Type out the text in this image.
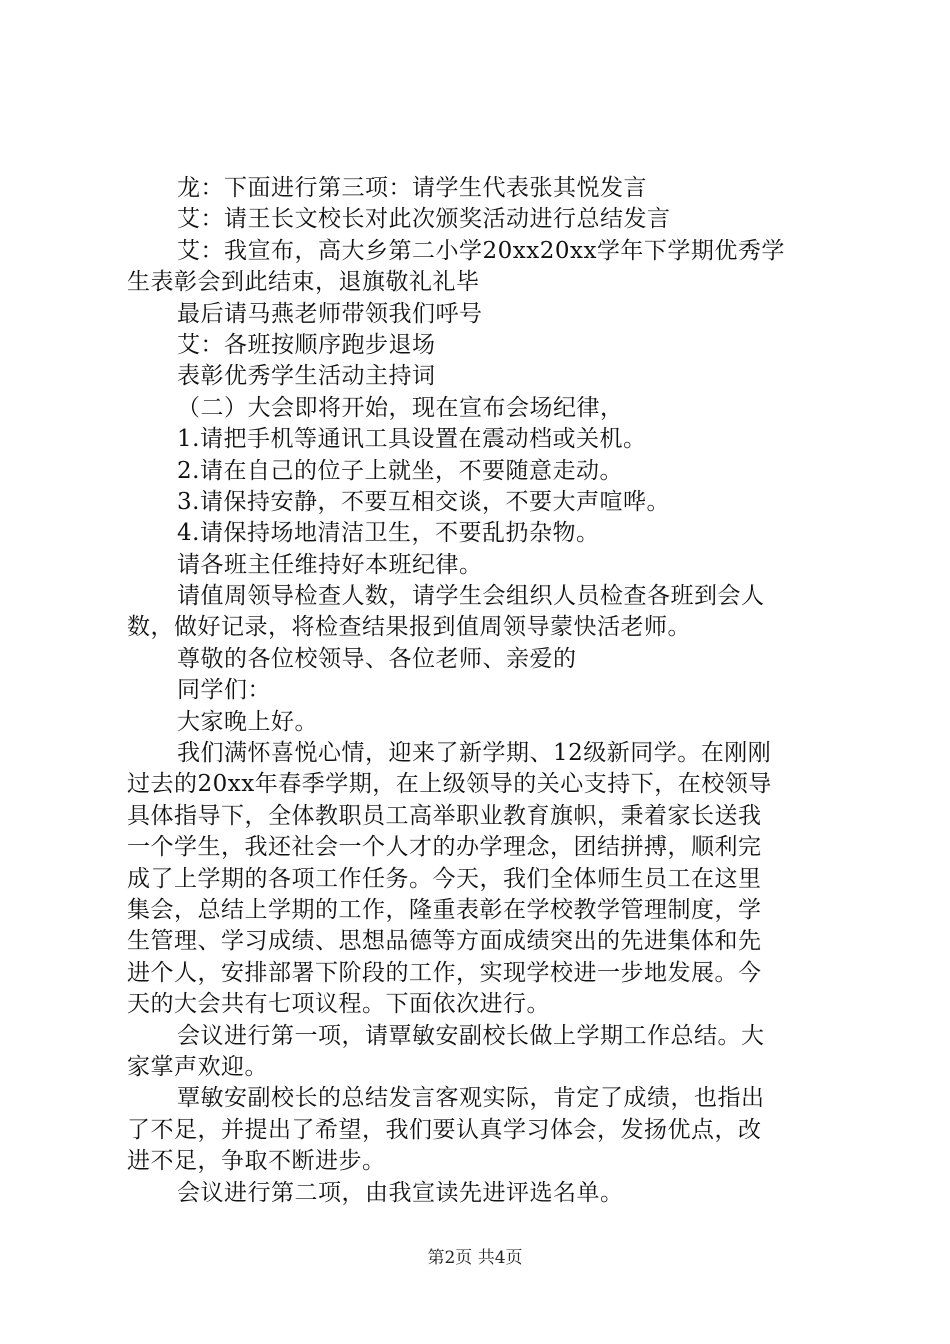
龙：下面进行第三项：请学生代表张其悦发言
艾：请王长文校长对此次颁奖活动进行总结发言
艾：我宣布，高大乡第二小学20xx20xx学年下学期优秀学
生表彰会到此结束，退旗敬礼礼毕
最后请马燕老师带领我们呼号
艾：各班按顺序跑步退场
表彰优秀学生活动主持词
（二）大会即将开始，现在宣布会场纪律，
1.请把手机等通讯工具设置在震动档或关机。
2.请在自己的位子上就坐，不要随意走动。
3.请保持安静，不要互相交谈，不要大声喧哗。
4.请保持场地清洁卫生，不要乱扔杂物。
请各班主任维持好本班纪律。
请值周领导检查人数，请学生会组织人员检查各班到会人
数，做好记录，将检查结果报到值周领导蒙快活老师。
尊敬的各位校领导、各位老师、亲爱的
同学们：
大家晚上好。
我们满怀喜悦心情，迎来了新学期、12级新同学。在刚刚
过去的20xx年春季学期，在上级领导的关心支持下，在校领导
具体指导下，全体教职员工高举职业教育旗帜，秉着家长送我
一个学生，我还社会一个人才的办学理念，团结拼搏，顺利完
成了上学期的各项工作任务。今天，我们全体师生员工在这里
集会，总结上学期的工作，隆重表彰在学校教学管理制度，学
生管理、学习成绩、思想品德等方面成绩突出的先进集体和先
进个人，安排部署下阶段的工作，实现学校进一步地发展。今
天的大会共有七项议程。下面依次进行。
会议进行第一项，请覃敏安副校长做上学期工作总结。大
家掌声欢迎。
覃敏安副校长的总结发言客观实际，肯定了成绩，也指出
了不足，并提出了希望，我们要认真学习体会，发扬优点，改
进不足，争取不断进步。
会议进行第二项，由我宣读先进评选名单。
第2页 共4页
